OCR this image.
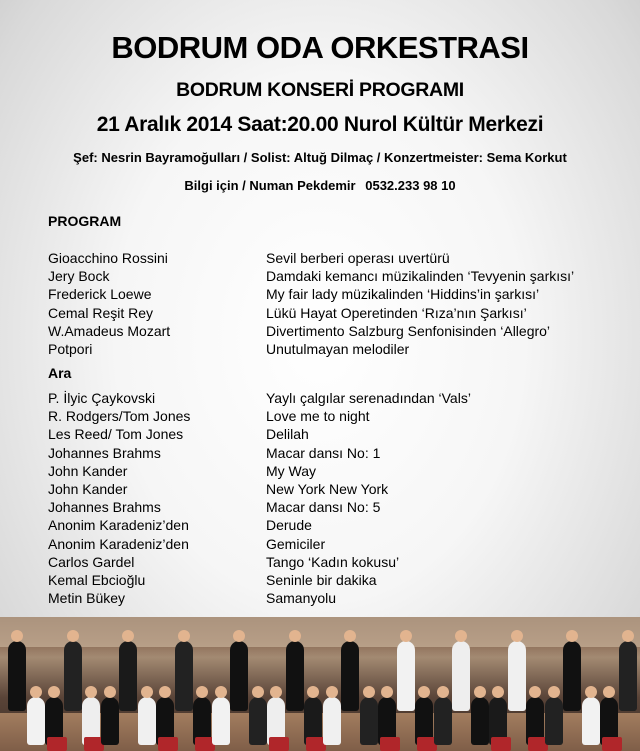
BODRUM ODA ORKESTRASI
BODRUM KONSERİ PROGRAMI
21 Aralık 2014 Saat:20.00 Nurol Kültür Merkezi
Şef: Nesrin Bayramoğulları / Solist: Altuğ Dilmaç / Konzertmeister: Sema Korkut
Bilgi için / Numan Pekdemir 0532.233 98 10
PROGRAM
Gioacchino Rossini	Sevil berberi operası uvertürü
Jery Bock	Damdaki kemancı müzikalinden ‘Tevyenin şarkısı’
Frederick Loewe	My fair lady müzikalinden ‘Hiddins’in şarkısı’
Cemal Reşit Rey	Lükü Hayat Operetinden ‘Rıza’nın Şarkısı’
W.Amadeus Mozart	Divertimento Salzburg Senfonisinden ‘Allegro’
Potpori	Unutulmayan melodiler
Ara
P. İlyic Çaykovski	Yaylı çalgılar serenadından ‘Vals’
R. Rodgers/Tom Jones	Love me to night
Les Reed/ Tom Jones	Delilah
Johannes Brahms	Macar dansı No: 1
John Kander	My Way
John Kander	New York New York
Johannes Brahms	Macar dansı No: 5
Anonim Karadeniz’den	Derude
Anonim Karadeniz’den	Gemiciler
Carlos Gardel	Tango ‘Kadın kokusu’
Kemal Ebcioğlu	Seninle bir dakika
Metin Bükey	Samanyolu
